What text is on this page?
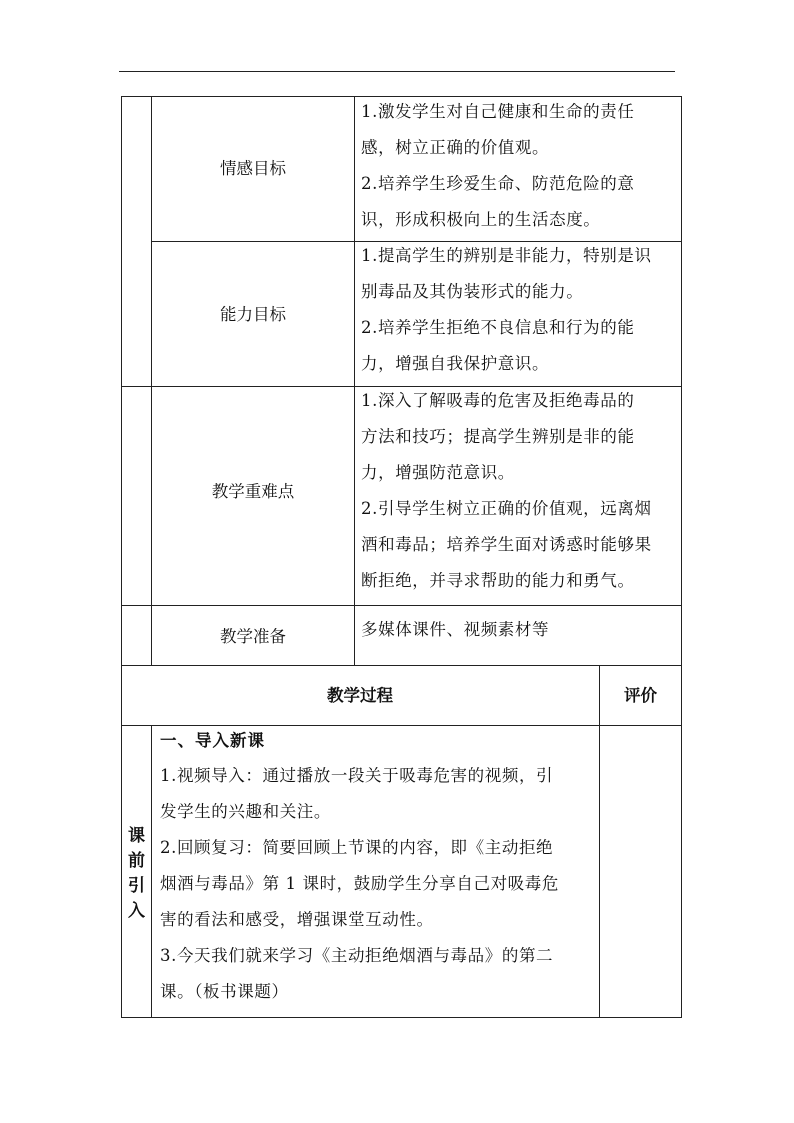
情感目标
1.激发学生对自己健康和生命的责任
感，树立正确的价值观。
2.培养学生珍爱生命、防范危险的意
识，形成积极向上的生活态度。
能力目标
1.提高学生的辨别是非能力，特别是识
别毒品及其伪装形式的能力。
2.培养学生拒绝不良信息和行为的能
力，增强自我保护意识。
教学重难点
1.深入了解吸毒的危害及拒绝毒品的
方法和技巧；提高学生辨别是非的能
力，增强防范意识。
2.引导学生树立正确的价值观，远离烟
酒和毒品；培养学生面对诱惑时能够果
断拒绝，并寻求帮助的能力和勇气。
教学准备	多媒体课件、视频素材等
教学过程	评价
课
前
引
入
一、导入新课
1.视频导入：通过播放一段关于吸毒危害的视频，引
发学生的兴趣和关注。
2.回顾复习：简要回顾上节课的内容，即《主动拒绝
烟酒与毒品》第 1 课时，鼓励学生分享自己对吸毒危
害的看法和感受，增强课堂互动性。
3.今天我们就来学习《主动拒绝烟酒与毒品》的第二
课。（板书课题）
